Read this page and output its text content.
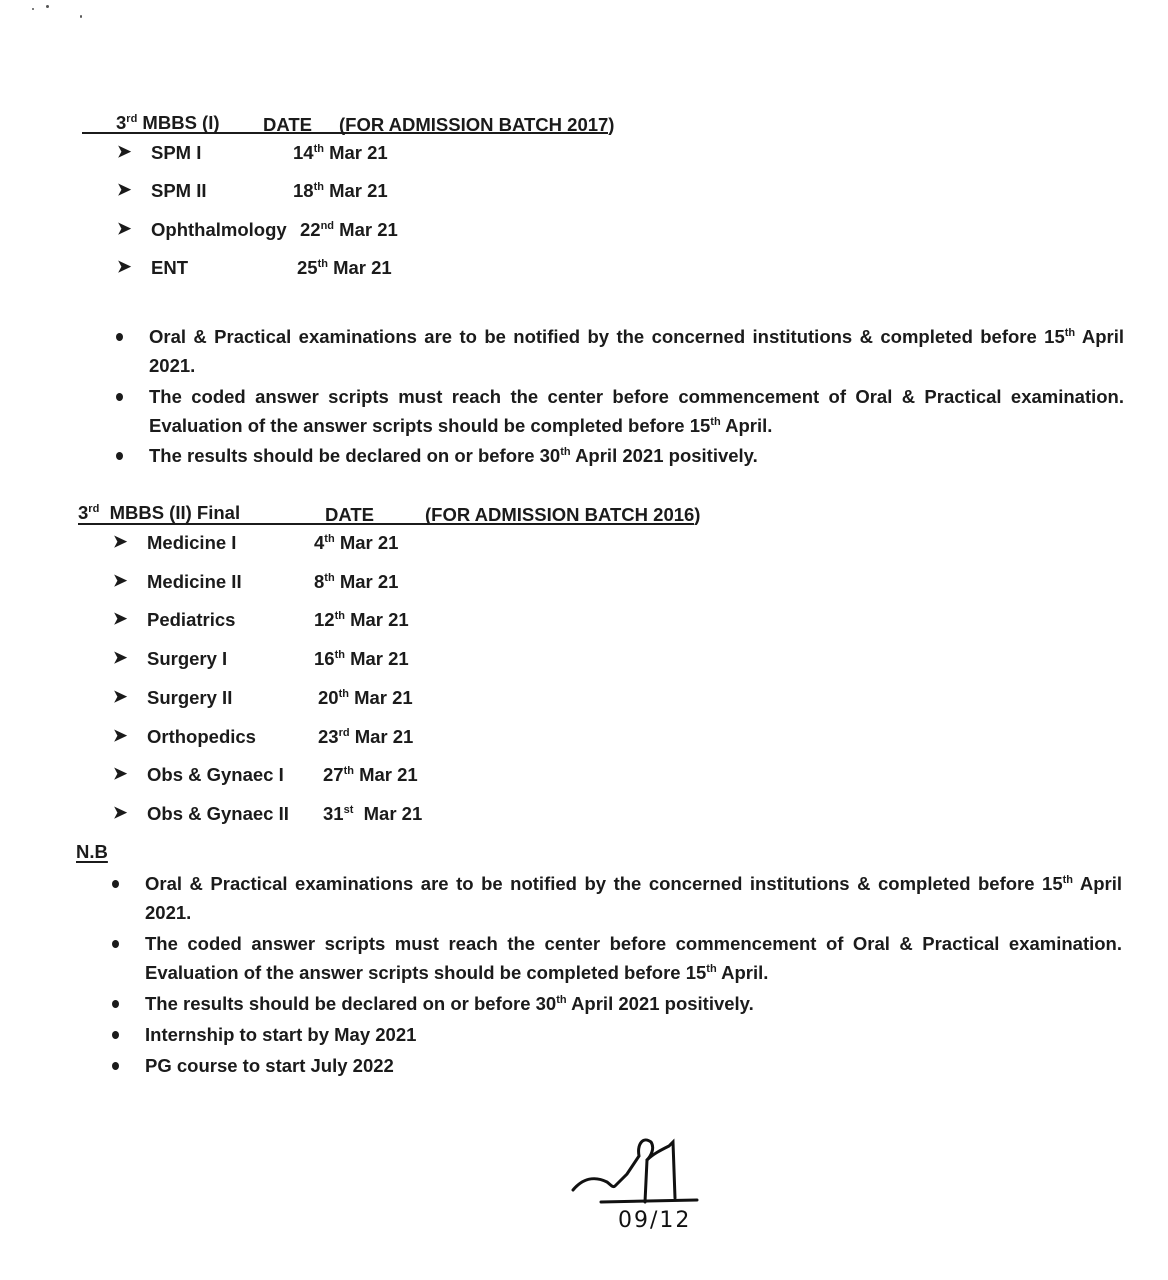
3rd MBBS (I) DATE (FOR ADMISSION BATCH 2017)
➤ SPM I	14th Mar 21
➤ SPM II	18th Mar 21
➤ Ophthalmology 22nd Mar 21
➤ ENT	25th Mar 21
Oral & Practical examinations are to be notified by the concerned institutions & completed before 15th April 2021.
The coded answer scripts must reach the center before commencement of Oral & Practical examination. Evaluation of the answer scripts should be completed before 15th April.
The results should be declared on or before 30th April 2021 positively.
3rd  MBBS (II) Final	DATE	(FOR ADMISSION BATCH 2016)
➤ Medicine I	4th Mar 21
➤ Medicine II	8th Mar 21
➤ Pediatrics	12th Mar 21
➤ Surgery I	16th Mar 21
➤ Surgery II	20th Mar 21
➤ Orthopedics	23rd Mar 21
➤ Obs & Gynaec I 27th Mar 21
➤ Obs & Gynaec II 31st  Mar 21
N.B
Oral & Practical examinations are to be notified by the concerned institutions & completed before 15th April 2021.
The coded answer scripts must reach the center before commencement of Oral & Practical examination. Evaluation of the answer scripts should be completed before 15th April.
The results should be declared on or before 30th April 2021 positively.
Internship to start by May 2021
PG course to start July 2022
09/12
